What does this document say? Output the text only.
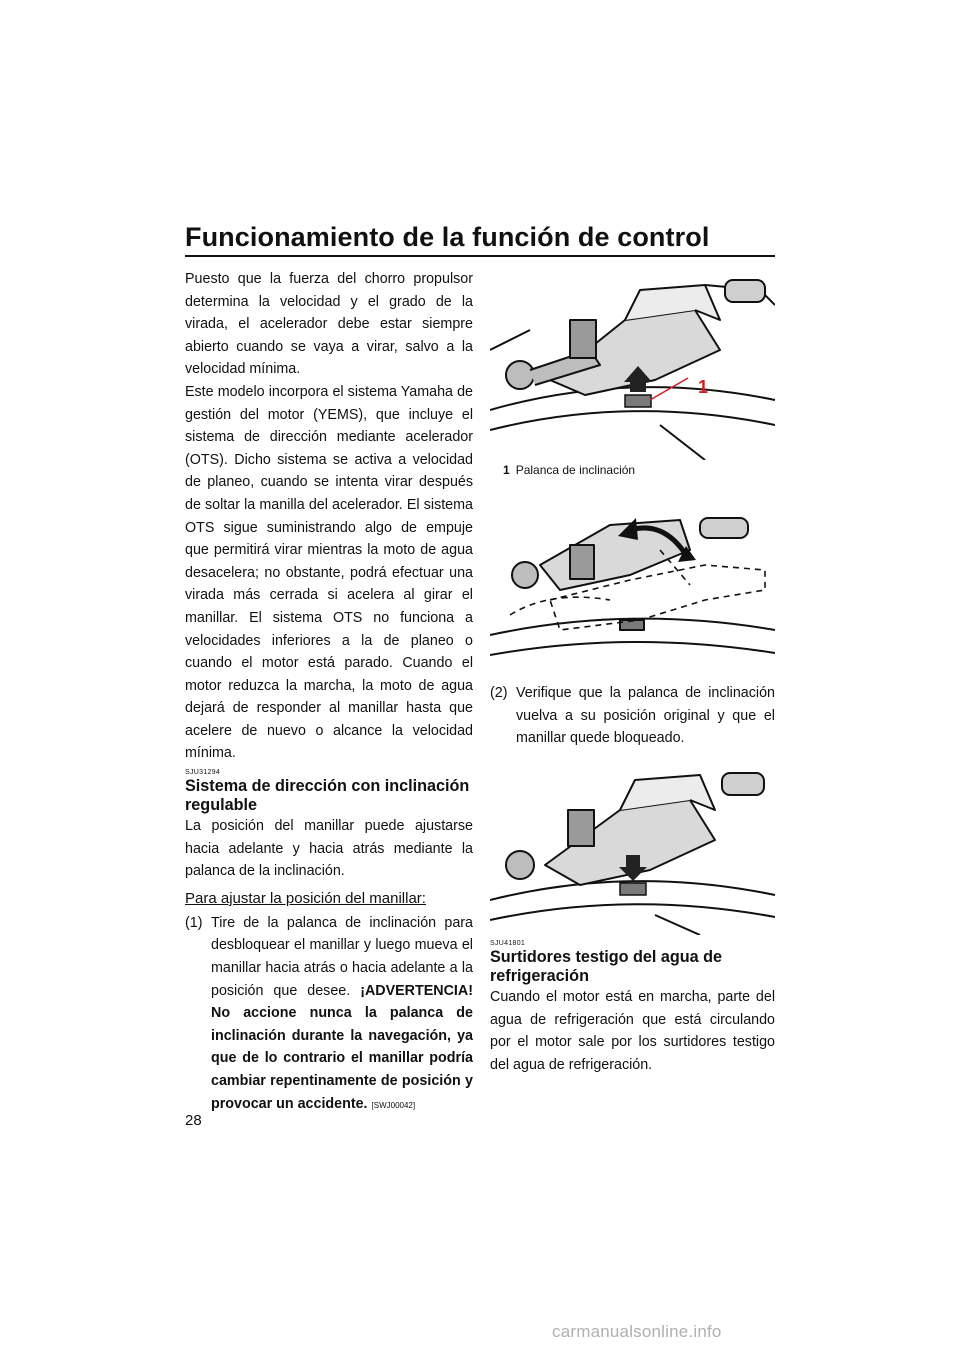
Funcionamiento de la función de control

Puesto que la fuerza del chorro propulsor determina la velocidad y el grado de la virada, el acelerador debe estar siempre abierto cuando se vaya a virar, salvo a la velocidad mínima.

Este modelo incorpora el sistema Yamaha de gestión del motor (YEMS), que incluye el sistema de dirección mediante acelerador (OTS). Dicho sistema se activa a velocidad de planeo, cuando se intenta virar después de soltar la manilla del acelerador. El sistema OTS sigue suministrando algo de empuje que permitirá virar mientras la moto de agua desacelera; no obstante, podrá efectuar una virada más cerrada si acelera al girar el manillar. El sistema OTS no funciona a velocidades inferiores a la de planeo o cuando el motor está parado. Cuando el motor reduzca la marcha, la moto de agua dejará de responder al manillar hasta que acelere de nuevo o alcance la velocidad mínima.

SJU31294
Sistema de dirección con inclinación regulable

La posición del manillar puede ajustarse hacia adelante y hacia atrás mediante la palanca de la inclinación.

Para ajustar la posición del manillar:
(1) Tire de la palanca de inclinación para desbloquear el manillar y luego mueva el manillar hacia atrás o hacia adelante a la posición que desee. ¡ADVERTENCIA! No accione nunca la palanca de inclinación durante la navegación, ya que de lo contrario el manillar podría cambiar repentinamente de posición y provocar un accidente. [SWJ00042]
1
1 Palanca de inclinación
(2) Verifique que la palanca de inclinación vuelva a su posición original y que el manillar quede bloqueado.
SJU41801
Surtidores testigo del agua de refrigeración

Cuando el motor está en marcha, parte del agua de refrigeración que está circulando por el motor sale por los surtidores testigo del agua de refrigeración.

28
carmanualsonline.info
